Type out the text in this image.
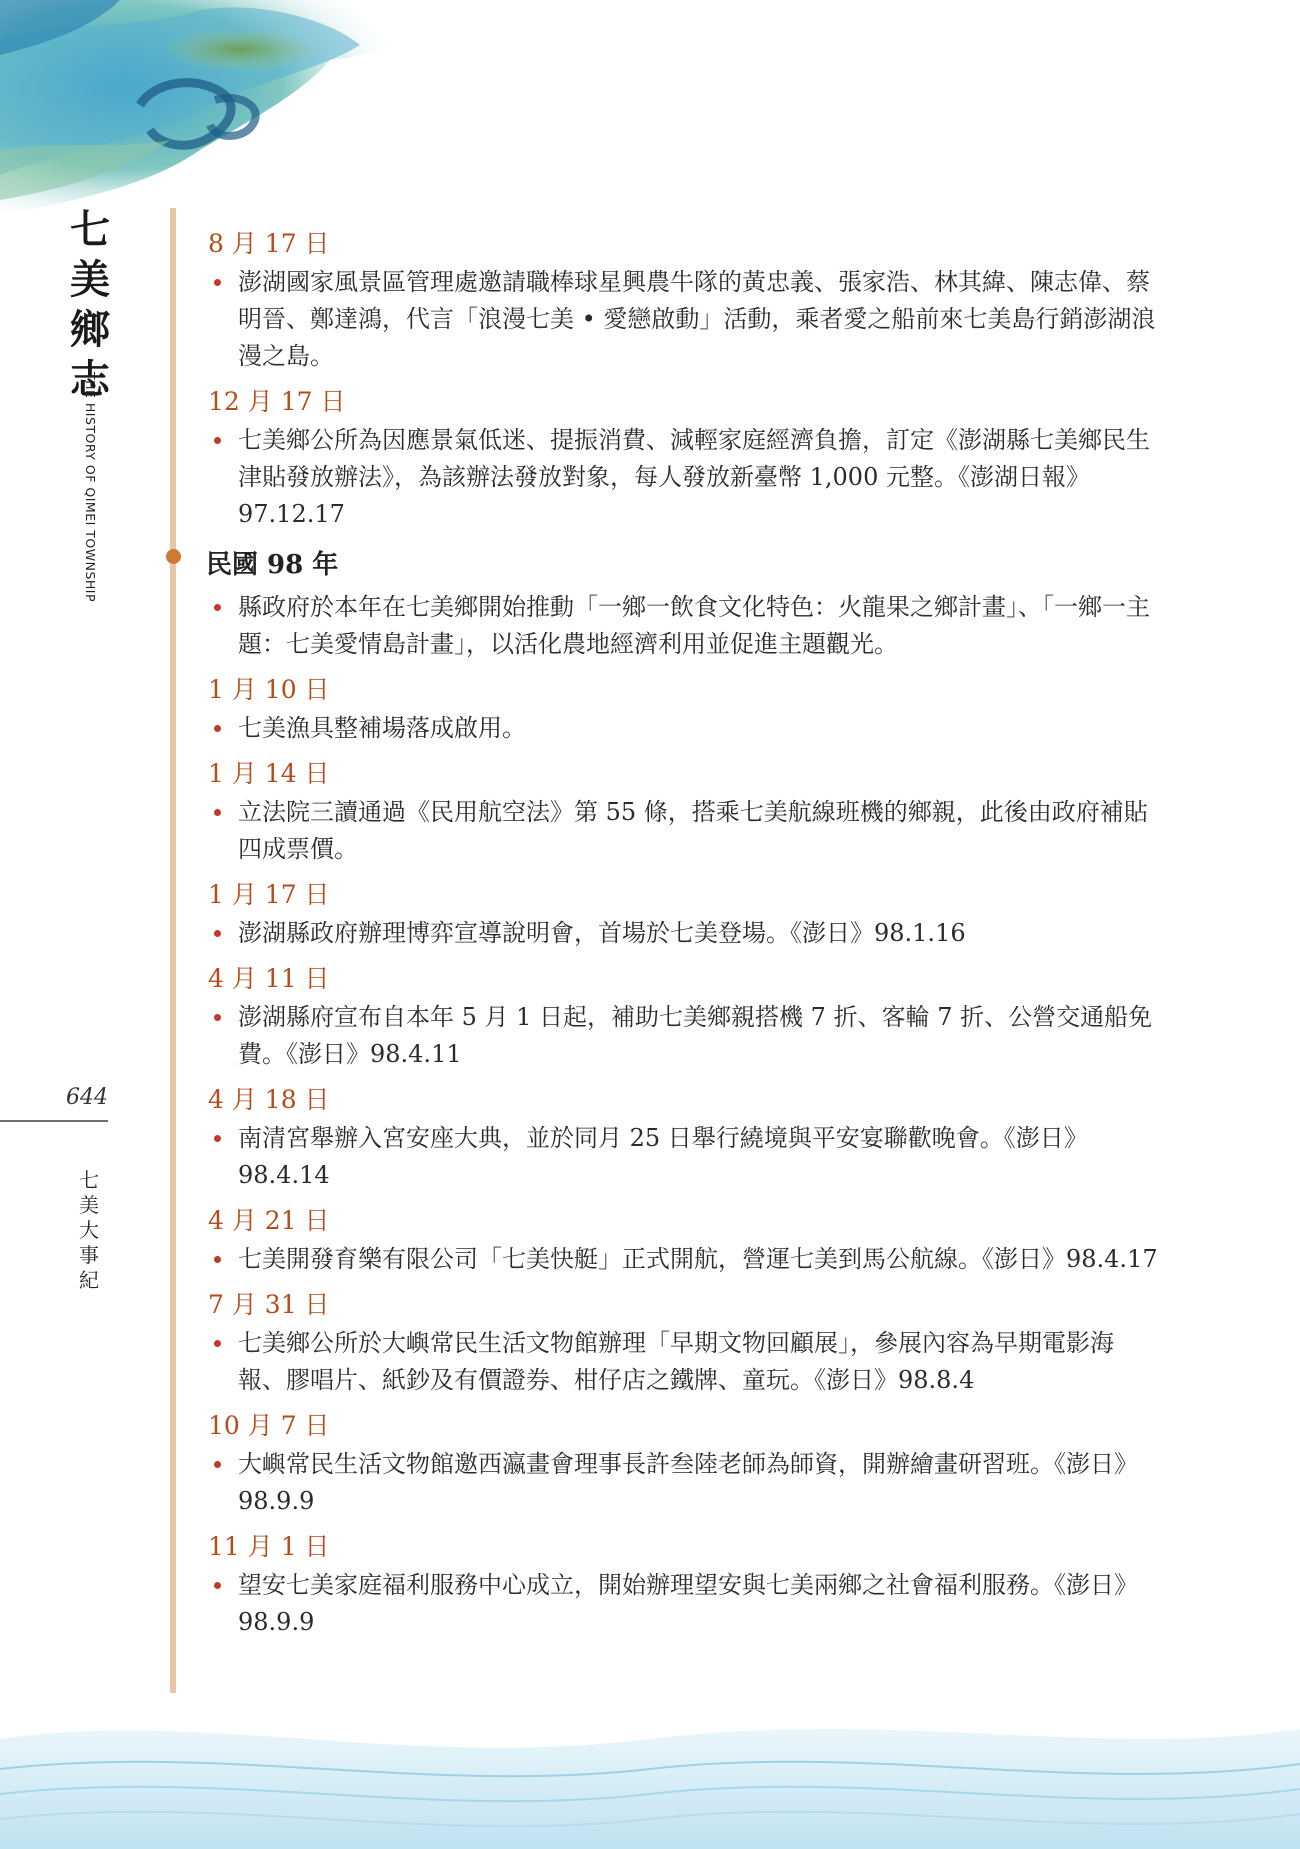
七
美
鄉
志
THE HISTORY OF QIMEI TOWNSHIP
644
七
美
大
事
紀
8 月 17 日
澎湖國家風景區管理處邀請職棒球星興農牛隊的黃忠義、張家浩、林其緯、陳志偉、蔡明晉、鄭達鴻，代言「浪漫七美 • 愛戀啟動」活動，乘者愛之船前來七美島行銷澎湖浪漫之島。
12 月 17 日
七美鄉公所為因應景氣低迷、提振消費、減輕家庭經濟負擔，訂定《澎湖縣七美鄉民生津貼發放辦法》，為該辦法發放對象，每人發放新臺幣 1,000 元整。《澎湖日報》97.12.17
民國 98 年
縣政府於本年在七美鄉開始推動「一鄉一飲食文化特色：火龍果之鄉計畫」、「一鄉一主題：七美愛情島計畫」，以活化農地經濟利用並促進主題觀光。
1 月 10 日
七美漁具整補場落成啟用。
1 月 14 日
立法院三讀通過《民用航空法》第 55 條，搭乘七美航線班機的鄉親，此後由政府補貼四成票價。
1 月 17 日
澎湖縣政府辦理博弈宣導說明會，首場於七美登場。《澎日》98.1.16
4 月 11 日
澎湖縣府宣布自本年 5 月 1 日起，補助七美鄉親搭機 7 折、客輪 7 折、公營交通船免費。《澎日》98.4.11
4 月 18 日
南清宮舉辦入宮安座大典，並於同月 25 日舉行繞境與平安宴聯歡晚會。《澎日》98.4.14
4 月 21 日
七美開發育樂有限公司「七美快艇」正式開航，營運七美到馬公航線。《澎日》98.4.17
7 月 31 日
七美鄉公所於大嶼常民生活文物館辦理「早期文物回顧展」，參展內容為早期電影海報、膠唱片、紙鈔及有價證券、柑仔店之鐵牌、童玩。《澎日》98.8.4
10 月 7 日
大嶼常民生活文物館邀西瀛畫會理事長許叁陸老師為師資，開辦繪畫研習班。《澎日》98.9.9
11 月 1 日
望安七美家庭福利服務中心成立，開始辦理望安與七美兩鄉之社會福利服務。《澎日》98.9.9
